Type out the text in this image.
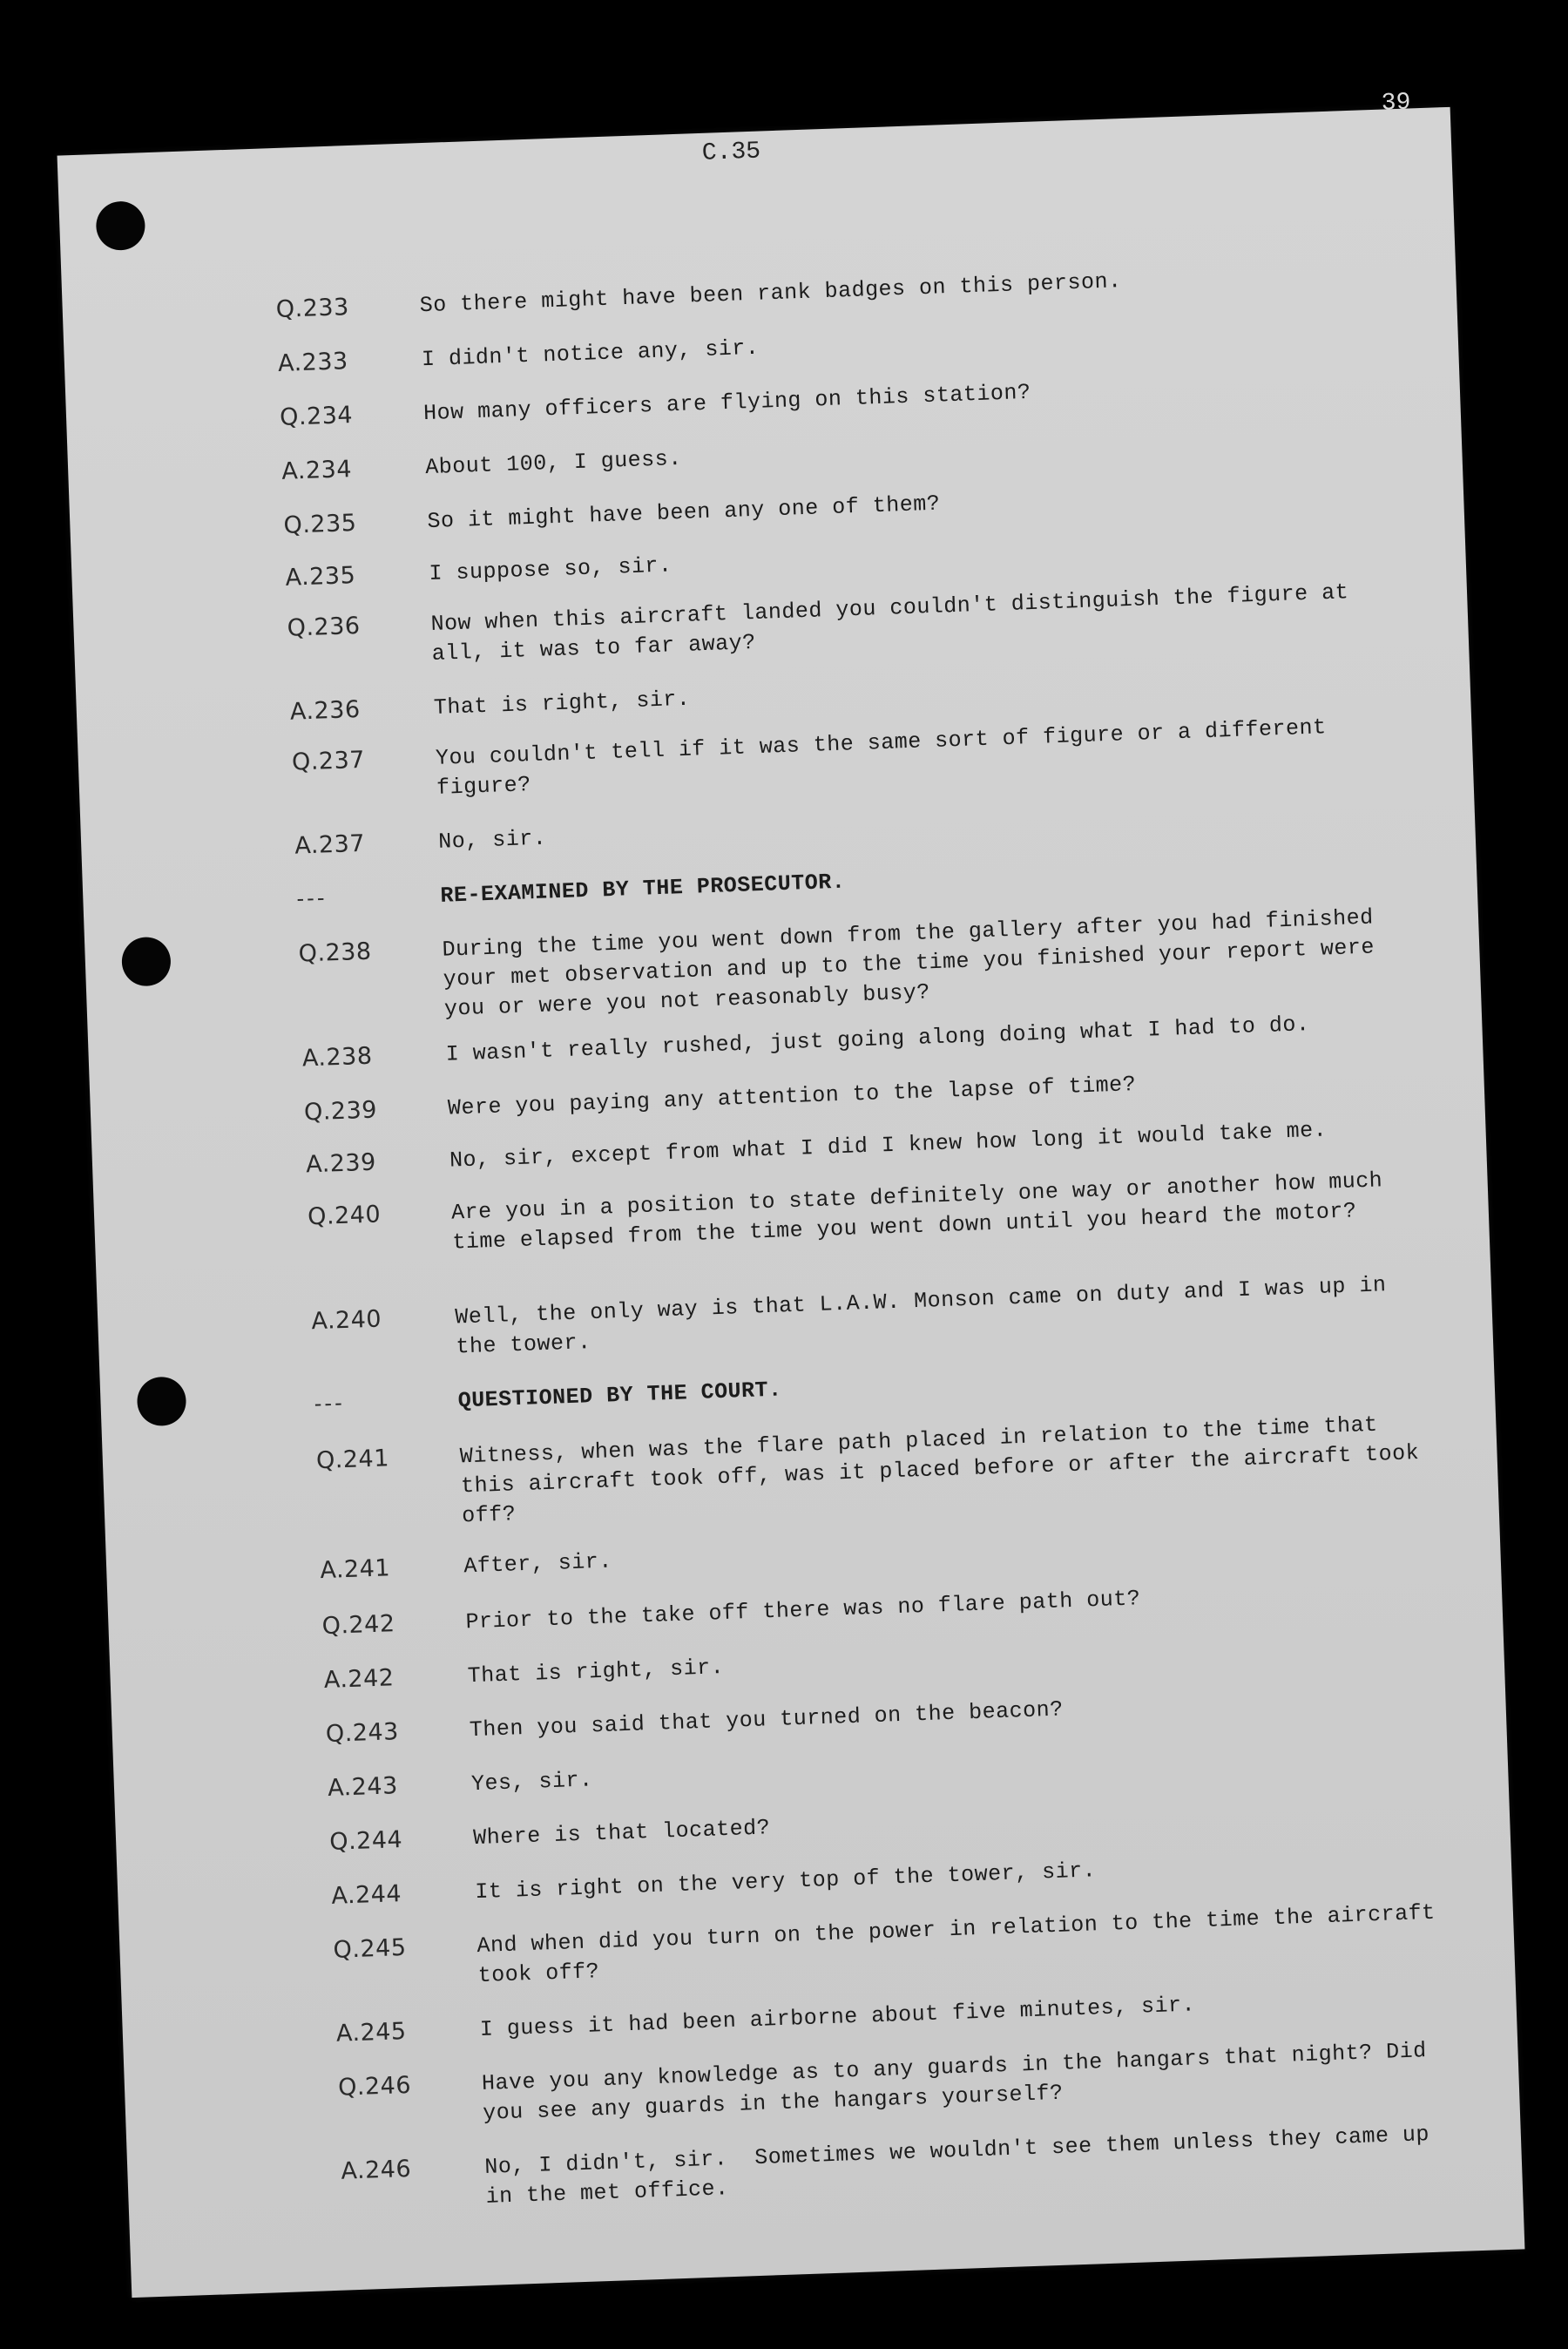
39
C.35
Q.233	So there might have been rank badges on this person.
A.233	I didn't notice any, sir.
Q.234	How many officers are flying on this station?
A.234	About 100, I guess.
Q.235	So it might have been any one of them?
A.235	I suppose so, sir.
Q.236	Now when this aircraft landed you couldn't distinguish the figure at all, it was to far away?
A.236	That is right, sir.
Q.237	You couldn't tell if it was the same sort of figure or a different figure?
A.237	No, sir.
---	RE-EXAMINED BY THE PROSECUTOR.
Q.238	During the time you went down from the gallery after you had finished your met observation and up to the time you finished your report were you or were you not reasonably busy?
A.238	I wasn't really rushed, just going along doing what I had to do.
Q.239	Were you paying any attention to the lapse of time?
A.239	No, sir, except from what I did I knew how long it would take me.
Q.240	Are you in a position to state definitely one way or another how much time elapsed from the time you went down until you heard the motor?
A.240	Well, the only way is that L.A.W. Monson came on duty and I was up in the tower.
---	QUESTIONED BY THE COURT.
Q.241	Witness, when was the flare path placed in relation to the time that this aircraft took off, was it placed before or after the aircraft took off?
A.241	After, sir.
Q.242	Prior to the take off there was no flare path out?
A.242	That is right, sir.
Q.243	Then you said that you turned on the beacon?
A.243	Yes, sir.
Q.244	Where is that located?
A.244	It is right on the very top of the tower, sir.
Q.245	And when did you turn on the power in relation to the time the aircraft took off?
A.245	I guess it had been airborne about five minutes, sir.
Q.246	Have you any knowledge as to any guards in the hangars that night? Did you see any guards in the hangars yourself?
A.246	No, I didn't, sir.  Sometimes we wouldn't see them unless they came up in the met office.
